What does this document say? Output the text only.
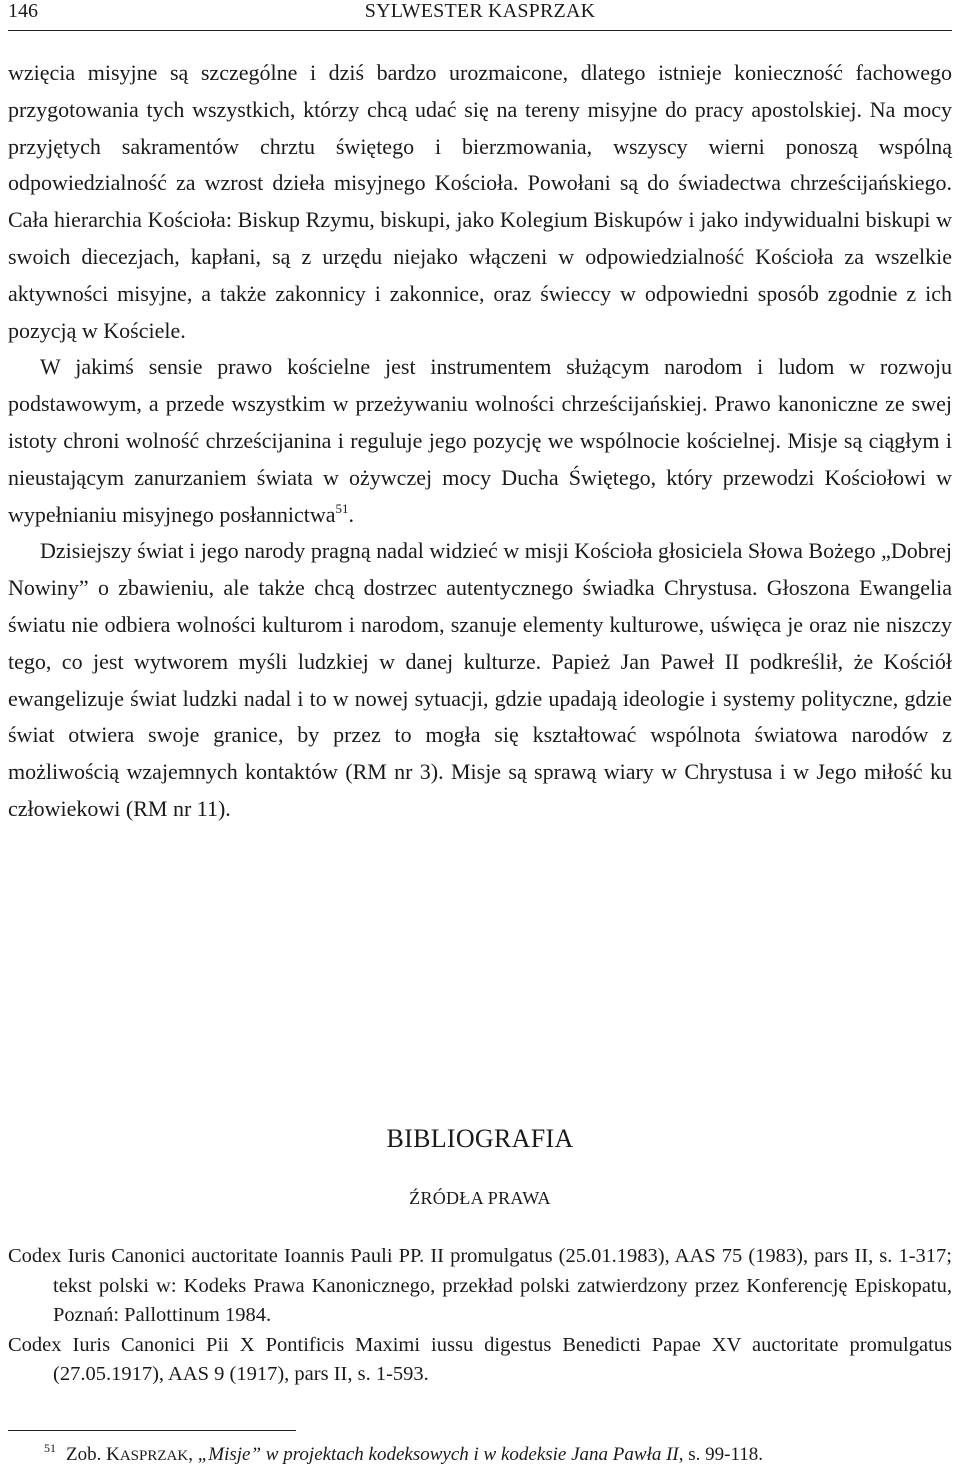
146	SYLWESTER KASPRZAK

wzięcia misyjne są szczególne i dziś bardzo urozmaicone, dlatego istnieje konieczność fachowego przygotowania tych wszystkich, którzy chcą udać się na tereny misyjne do pracy apostolskiej. Na mocy przyjętych sakramentów chrztu świętego i bierzmowania, wszyscy wierni ponoszą wspólną odpowiedzialność za wzrost dzieła misyjnego Kościoła. Powołani są do świadectwa chrześcijańskiego. Cała hierarchia Kościoła: Biskup Rzymu, biskupi, jako Kolegium Biskupów i jako indywidualni biskupi w swoich diecezjach, kapłani, są z urzędu niejako włączeni w odpowiedzialność Kościoła za wszelkie aktywności misyjne, a także zakonnicy i zakonnice, oraz świeccy w odpowiedni sposób zgodnie z ich pozycją w Kościele.

W jakimś sensie prawo kościelne jest instrumentem służącym narodom i ludom w rozwoju podstawowym, a przede wszystkim w przeżywaniu wolności chrześcijańskiej. Prawo kanoniczne ze swej istoty chroni wolność chrześcijanina i reguluje jego pozycję we wspólnocie kościelnej. Misje są ciągłym i nieustającym zanurzaniem świata w ożywczej mocy Ducha Świętego, który przewodzi Kościołowi w wypełnianiu misyjnego posłannictwa$^{51}$.

Dzisiejszy świat i jego narody pragną nadal widzieć w misji Kościoła głosiciela Słowa Bożego „Dobrej Nowiny” o zbawieniu, ale także chcą dostrzec autentycznego świadka Chrystusa. Głoszona Ewangelia światu nie odbiera wolności kulturom i narodom, szanuje elementy kulturowe, uświęca je oraz nie niszczy tego, co jest wytworem myśli ludzkiej w danej kulturze. Papież Jan Paweł II podkreślił, że Kościół ewangelizuje świat ludzki nadal i to w nowej sytuacji, gdzie upadają ideologie i systemy polityczne, gdzie świat otwiera swoje granice, by przez to mogła się kształtować wspólnota światowa narodów z możliwością wzajemnych kontaktów (RM nr 3). Misje są sprawą wiary w Chrystusa i w Jego miłość ku człowiekowi (RM nr 11).

BIBLIOGRAFIA
ŹRÓDŁA PRAWA
Codex Iuris Canonici auctoritate Ioannis Pauli PP. II promulgatus (25.01.1983), AAS 75 (1983), pars II, s. 1-317; tekst polski w: Kodeks Prawa Kanonicznego, przekład polski zatwierdzony przez Konferencję Episkopatu, Poznań: Pallottinum 1984.
Codex Iuris Canonici Pii X Pontificis Maximi iussu digestus Benedicti Papae XV auctoritate promulgatus (27.05.1917), AAS 9 (1917), pars II, s. 1-593.
$^{51}$ Zob. KASPRZAK, „Misje” w projektach kodeksowych i w kodeksie Jana Pawła II, s. 99-118.
